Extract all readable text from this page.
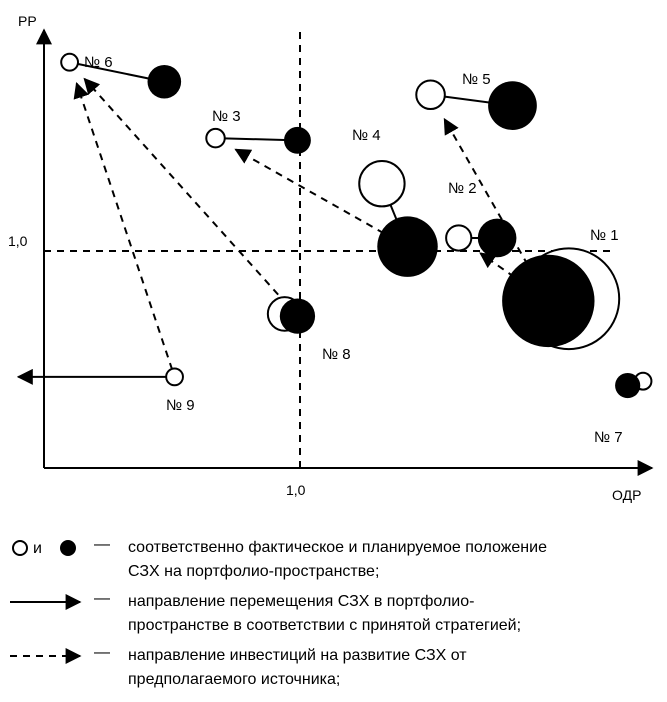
№ 1
№ 2
№ 3
№ 4
№ 5
№ 6
№ 7
№ 8
№ 9
РР
ОДР
1,0
1,0
и	— соответственно фактическое и планируемое положение
СЗХ на портфолио-пространстве;
— направление перемещения СЗХ в портфолио-
пространстве в соответствии с принятой стратегией;
— направление инвестиций на развитие СЗХ от
предполагаемого источника;
